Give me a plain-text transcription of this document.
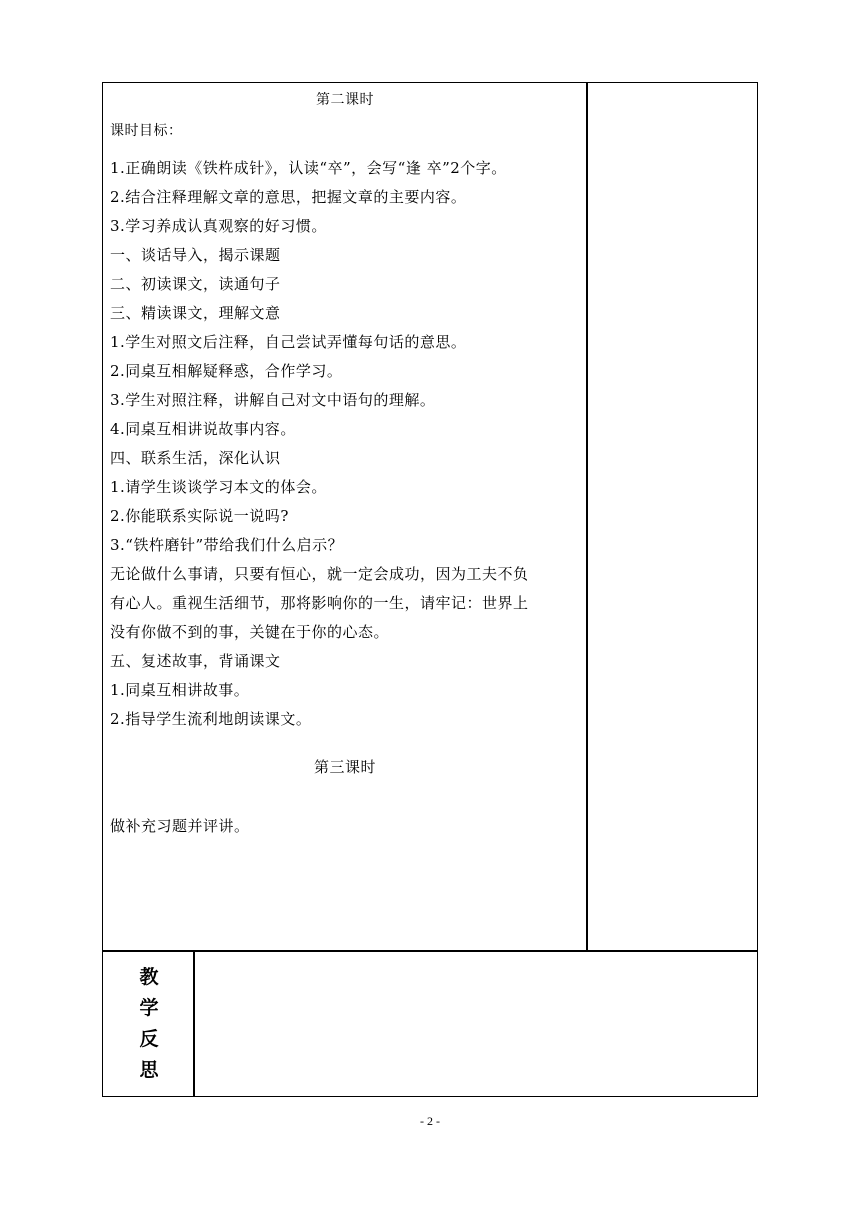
第二课时
课时目标：
1.正确朗读《铁杵成针》，认读“卒”，会写“逢 卒”2个字。
2.结合注释理解文章的意思，把握文章的主要内容。
3.学习养成认真观察的好习惯。
一、谈话导入，揭示课题
二、初读课文，读通句子
三、精读课文，理解文意
1.学生对照文后注释，自己尝试弄懂每句话的意思。
2.同桌互相解疑释惑，合作学习。
3.学生对照注释，讲解自己对文中语句的理解。
4.同桌互相讲说故事内容。
四、联系生活，深化认识
1.请学生谈谈学习本文的体会。
2.你能联系实际说一说吗?
3.“铁杵磨针”带给我们什么启示？
无论做什么事请，只要有恒心，就一定会成功，因为工夫不负
有心人。重视生活细节，那将影响你的一生，请牢记：世界上
没有你做不到的事，关键在于你的心态。
五、复述故事，背诵课文
1.同桌互相讲故事。
2.指导学生流利地朗读课文。
第三课时
做补充习题并评讲。
教
学
反
思
- 2 -
